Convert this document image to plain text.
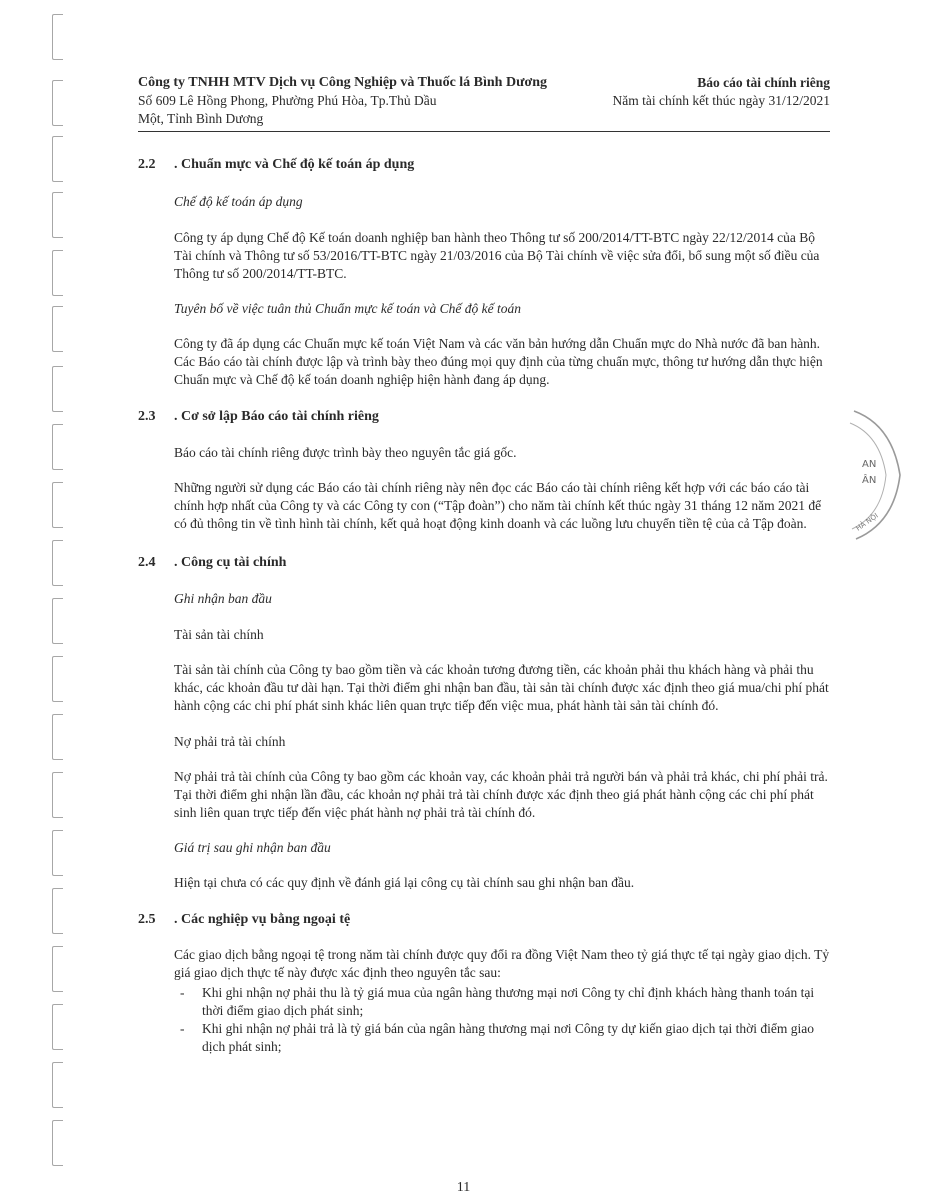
Công ty TNHH MTV Dịch vụ Công Nghiệp và Thuốc lá Bình Dương
Số 609 Lê Hồng Phong, Phường Phú Hòa, Tp.Thủ Dầu
Một, Tỉnh Bình Dương
Báo cáo tài chính riêng
Năm tài chính kết thúc ngày 31/12/2021
2.2	. Chuẩn mực và Chế độ kế toán áp dụng

Chế độ kế toán áp dụng

Công ty áp dụng Chế độ Kế toán doanh nghiệp ban hành theo Thông tư số 200/2014/TT-BTC ngày 22/12/2014 của Bộ Tài chính và Thông tư số 53/2016/TT-BTC ngày 21/03/2016 của Bộ Tài chính về việc sửa đổi, bổ sung một số điều của Thông tư số 200/2014/TT-BTC.

Tuyên bố về việc tuân thủ Chuẩn mực kế toán và Chế độ kế toán

Công ty đã áp dụng các Chuẩn mực kế toán Việt Nam và các văn bản hướng dẫn Chuẩn mực do Nhà nước đã ban hành. Các Báo cáo tài chính được lập và trình bày theo đúng mọi quy định của từng chuẩn mực, thông tư hướng dẫn thực hiện Chuẩn mực và Chế độ kế toán doanh nghiệp hiện hành đang áp dụng.

2.3	. Cơ sở lập Báo cáo tài chính riêng

Báo cáo tài chính riêng được trình bày theo nguyên tắc giá gốc.

Những người sử dụng các Báo cáo tài chính riêng này nên đọc các Báo cáo tài chính riêng kết hợp với các báo cáo tài chính hợp nhất của Công ty và các Công ty con (“Tập đoàn”) cho năm tài chính kết thúc ngày 31 tháng 12 năm 2021 để có đủ thông tin về tình hình tài chính, kết quả hoạt động kinh doanh và các luồng lưu chuyển tiền tệ của cả Tập đoàn.

2.4	. Công cụ tài chính

Ghi nhận ban đầu

Tài sản tài chính

Tài sản tài chính của Công ty bao gồm tiền và các khoản tương đương tiền, các khoản phải thu khách hàng và phải thu khác, các khoản đầu tư dài hạn. Tại thời điểm ghi nhận ban đầu, tài sản tài chính được xác định theo giá mua/chi phí phát hành cộng các chi phí phát sinh khác liên quan trực tiếp đến việc mua, phát hành tài sản tài chính đó.

Nợ phải trả tài chính

Nợ phải trả tài chính của Công ty bao gồm các khoản vay, các khoản phải trả người bán và phải trả khác, chi phí phải trả. Tại thời điểm ghi nhận lần đầu, các khoản nợ phải trả tài chính được xác định theo giá phát hành cộng các chi phí phát sinh liên quan trực tiếp đến việc phát hành nợ phải trả tài chính đó.

Giá trị sau ghi nhận ban đầu

Hiện tại chưa có các quy định về đánh giá lại công cụ tài chính sau ghi nhận ban đầu.

2.5	. Các nghiệp vụ bằng ngoại tệ

Các giao dịch bằng ngoại tệ trong năm tài chính được quy đổi ra đồng Việt Nam theo tỷ giá thực tế tại ngày giao dịch. Tỷ giá giao dịch thực tế này được xác định theo nguyên tắc sau:

- Khi ghi nhận nợ phải thu là tỷ giá mua của ngân hàng thương mại nơi Công ty chỉ định khách hàng thanh toán tại thời điểm giao dịch phát sinh;
- Khi ghi nhận nợ phải trả là tỷ giá bán của ngân hàng thương mại nơi Công ty dự kiến giao dịch tại thời điểm giao dịch phát sinh;
AN
ÂN
HÀ NỘI
11
